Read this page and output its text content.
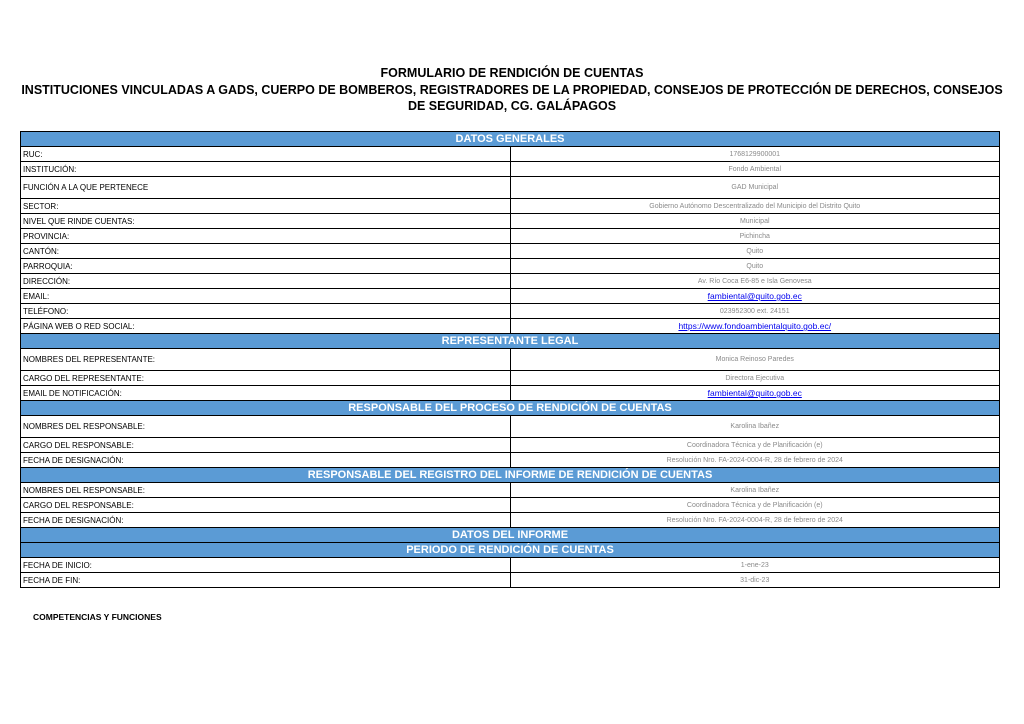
FORMULARIO DE RENDICIÓN DE CUENTAS
INSTITUCIONES VINCULADAS A GADS, CUERPO DE BOMBEROS, REGISTRADORES DE LA PROPIEDAD, CONSEJOS DE PROTECCIÓN DE DERECHOS, CONSEJOS DE SEGURIDAD, CG. GALÁPAGOS
DATOS GENERALES	
RUC:	1768129900001
INSTITUCIÓN:	Fondo Ambiental
FUNCIÓN A LA QUE PERTENECE	GAD Municipal
SECTOR:	Gobierno Autónomo Descentralizado del Municipio del Distrito Quito
NIVEL QUE RINDE CUENTAS:	Municipal
PROVINCIA:	Pichincha
CANTÓN:	Quito
PARROQUIA:	Quito
DIRECCIÓN:	Av. Río Coca E6-85 e Isla Genovesa
EMAIL:	fambiental@quito.gob.ec
TELÉFONO:	023952300 ext. 24151
PÁGINA WEB O RED SOCIAL:	https://www.fondoambientalquito.gob.ec/
REPRESENTANTE LEGAL	
NOMBRES DEL REPRESENTANTE:	Monica Reinoso Paredes
CARGO DEL REPRESENTANTE:	Directora Ejecutiva
EMAIL DE NOTIFICACIÓN:	fambiental@quito.gob.ec
RESPONSABLE DEL PROCESO DE RENDICIÓN DE CUENTAS	
NOMBRES DEL RESPONSABLE:	Karolina Ibañez
CARGO DEL RESPONSABLE:	Coordinadora Técnica y de Planificación (e)
FECHA DE DESIGNACIÓN:	Resolución Nro. FA-2024-0004-R, 28 de febrero de 2024
RESPONSABLE DEL REGISTRO DEL INFORME DE RENDICIÓN DE CUENTAS	
NOMBRES DEL RESPONSABLE:	Karolina Ibañez
CARGO DEL RESPONSABLE:	Coordinadora Técnica y de Planificación (e)
FECHA DE DESIGNACIÓN:	Resolución Nro. FA-2024-0004-R, 28 de febrero de 2024
DATOS DEL INFORME	
PERIODO DE RENDICIÓN DE CUENTAS	
FECHA DE INICIO:	1-ene-23
FECHA DE FIN:	31-dic-23
COMPETENCIAS Y FUNCIONES
